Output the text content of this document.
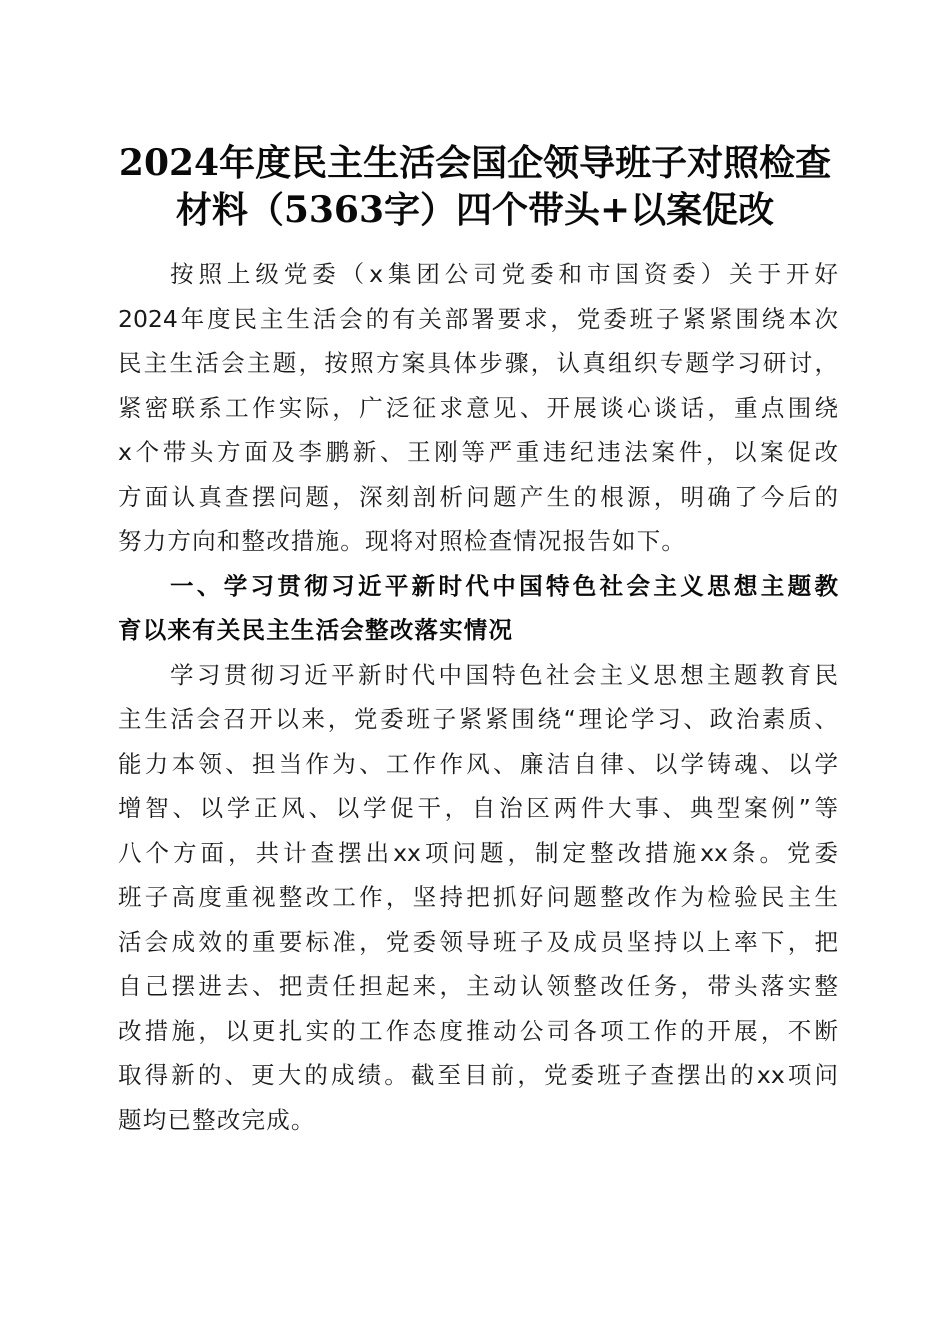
2024年度民主生活会国企领导班子对照检查
材料（5363字）四个带头+以案促改
按照上级党委（x集团公司党委和市国资委）关于开好
2024年度民主生活会的有关部署要求，党委班子紧紧围绕本次
民主生活会主题，按照方案具体步骤，认真组织专题学习研讨，
紧密联系工作实际，广泛征求意见、开展谈心谈话，重点围绕
x个带头方面及李鹏新、王刚等严重违纪违法案件，以案促改
方面认真查摆问题，深刻剖析问题产生的根源，明确了今后的
努力方向和整改措施。现将对照检查情况报告如下。
一、学习贯彻习近平新时代中国特色社会主义思想主题教
育以来有关民主生活会整改落实情况
学习贯彻习近平新时代中国特色社会主义思想主题教育民
主生活会召开以来，党委班子紧紧围绕“理论学习、政治素质、
能力本领、担当作为、工作作风、廉洁自律、以学铸魂、以学
增智、以学正风、以学促干，自治区两件大事、典型案例”等
八个方面，共计查摆出xx项问题，制定整改措施xx条。党委
班子高度重视整改工作，坚持把抓好问题整改作为检验民主生
活会成效的重要标准，党委领导班子及成员坚持以上率下，把
自己摆进去、把责任担起来，主动认领整改任务，带头落实整
改措施，以更扎实的工作态度推动公司各项工作的开展，不断
取得新的、更大的成绩。截至目前，党委班子查摆出的xx项问
题均已整改完成。
